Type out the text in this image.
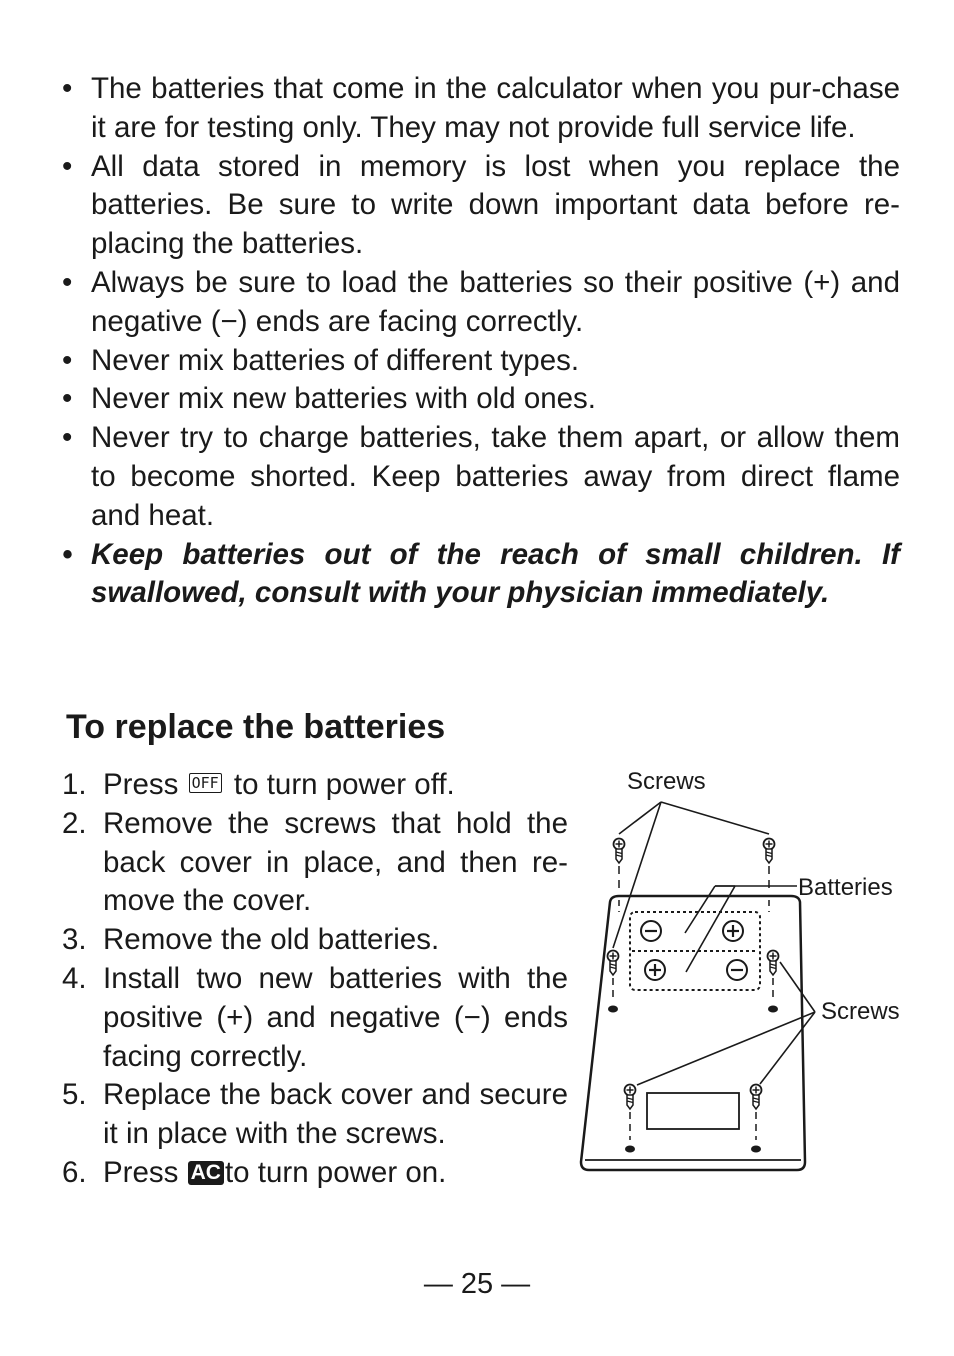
• The batteries that come in the calculator when you pur-chase it are for testing only. They may not provide full service life.
• All data stored in memory is lost when you replace the batteries. Be sure to write down important data before re-placing the batteries.
• Always be sure to load the batteries so their positive (+) and negative (−) ends are facing correctly.
• Never mix batteries of different types.
• Never mix new batteries with old ones.
• Never try to charge batteries, take them apart, or allow them to become shorted. Keep batteries away from direct flame and heat.
• Keep batteries out of the reach of small children. If swallowed, consult with your physician immediately.
To replace the batteries
1. Press OFF to turn power off.
2. Remove the screws that hold the back cover in place, and then re-move the cover.
3. Remove the old batteries.
4. Install two new batteries with the positive (+) and negative (−) ends facing correctly.
5. Replace the back cover and secure it in place with the screws.
6. Press AC to turn power on.
Screws
Batteries
Screws
— 25 —
